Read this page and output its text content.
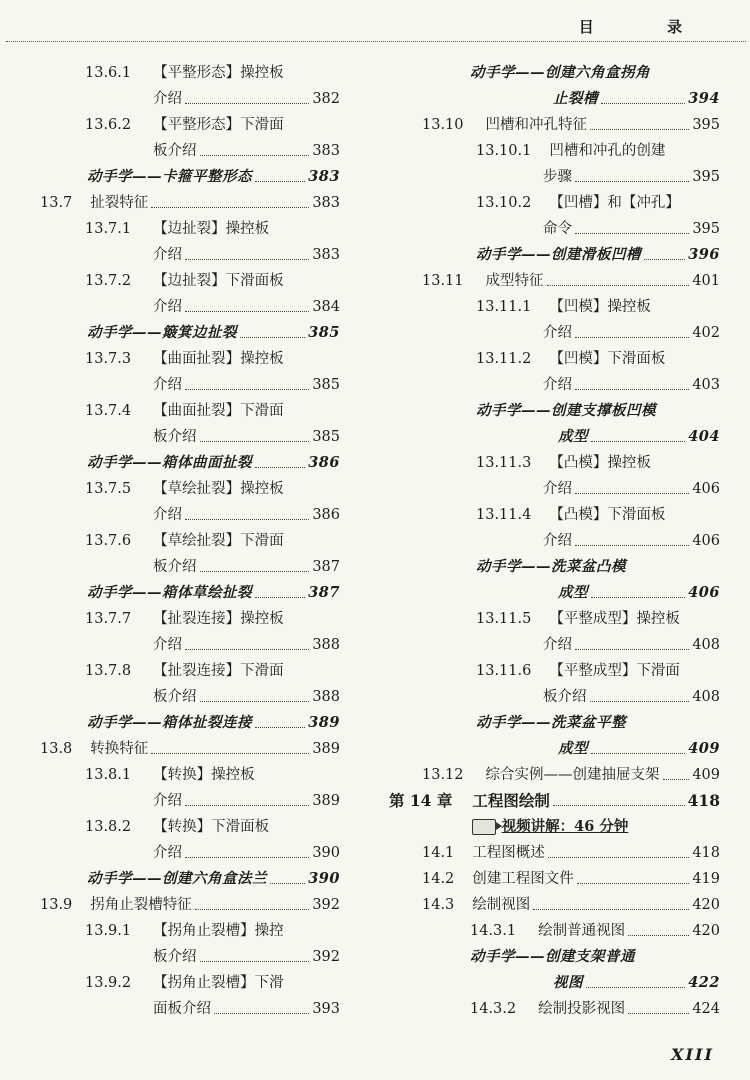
目 录
13.6.1 【平整形态】操控板
介绍	382
13.6.2 【平整形态】下滑面
板介绍	383
动手学——卡箍平整形态	383
13.7 扯裂特征	383
13.7.1 【边扯裂】操控板
介绍	383
13.7.2 【边扯裂】下滑面板
介绍	384
动手学——簸箕边扯裂	385
13.7.3 【曲面扯裂】操控板
介绍	385
13.7.4 【曲面扯裂】下滑面
板介绍	385
动手学——箱体曲面扯裂	386
13.7.5 【草绘扯裂】操控板
介绍	386
13.7.6 【草绘扯裂】下滑面
板介绍	387
动手学——箱体草绘扯裂	387
13.7.7 【扯裂连接】操控板
介绍	388
13.7.8 【扯裂连接】下滑面
板介绍	388
动手学——箱体扯裂连接	389
13.8 转换特征	389
13.8.1 【转换】操控板
介绍	389
13.8.2 【转换】下滑面板
介绍	390
动手学——创建六角盒法兰	390
13.9 拐角止裂槽特征	392
13.9.1 【拐角止裂槽】操控
板介绍	392
13.9.2 【拐角止裂槽】下滑
面板介绍	393
动手学——创建六角盒拐角
止裂槽	394
13.10 凹槽和冲孔特征	395
13.10.1 凹槽和冲孔的创建
步骤	395
13.10.2 【凹槽】和【冲孔】
命令	395
动手学——创建滑板凹槽	396
13.11 成型特征	401
13.11.1 【凹模】操控板
介绍	402
13.11.2 【凹模】下滑面板
介绍	403
动手学——创建支撑板凹模
成型	404
13.11.3 【凸模】操控板
介绍	406
13.11.4 【凸模】下滑面板
介绍	406
动手学——洗菜盆凸模
成型	406
13.11.5 【平整成型】操控板
介绍	408
13.11.6 【平整成型】下滑面
板介绍	408
动手学——洗菜盆平整
成型	409
13.12 综合实例——创建抽屉支架 409
第 14 章 工程图绘制	418
视频讲解：46 分钟
14.1 工程图概述	418
14.2 创建工程图文件	419
14.3 绘制视图	420
14.3.1 绘制普通视图	420
动手学——创建支架普通
视图	422
14.3.2 绘制投影视图	424
XIII
